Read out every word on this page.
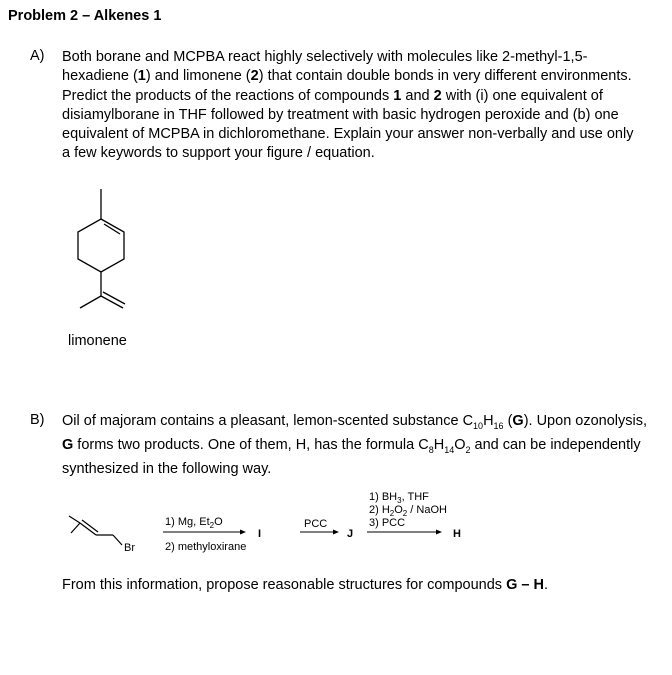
Problem 2 – Alkenes 1
A) Both borane and MCPBA react highly selectively with molecules like 2-methyl-1,5-hexadiene (1) and limonene (2) that contain double bonds in very different environments. Predict the products of the reactions of compounds 1 and 2 with (i) one equivalent of disiamylborane in THF followed by treatment with basic hydrogen peroxide and (b) one equivalent of MCPBA in dichloromethane. Explain your answer non-verbally and use only a few keywords to support your figure / equation.
limonene
B) Oil of majoram contains a pleasant, lemon-scented substance $C_{10}H_{16}$ (G). Upon ozonolysis, G forms two products. One of them, H, has the formula $C_8H_{14}O_2$ and can be independently synthesized in the following way.
Br
1) Mg, $Et_2O$
2) methyloxirane
I
PCC
J
1) $BH_3$, THF
2) $H_2O_2$ / NaOH
3) PCC
H
From this information, propose reasonable structures for compounds G – H.
